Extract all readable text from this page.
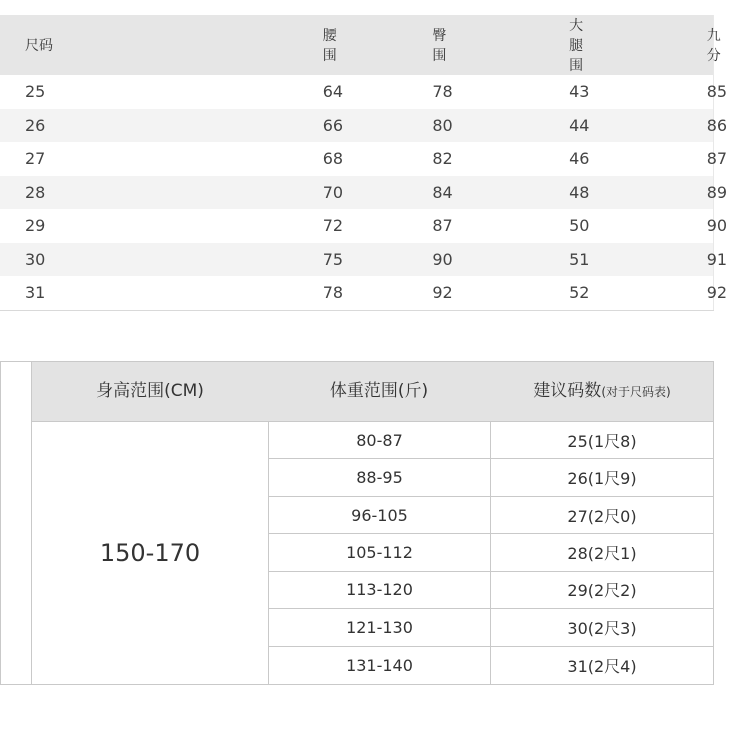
尺码	腰围	臀围	大腿围	九分
25	64	78	43	85
26	66	80	44	86
27	68	82	46	87
28	70	84	48	89
29	72	87	50	90
30	75	90	51	91
31	78	92	52	92
身高范围(CM)	体重范围(斤)	建议码数(对于尺码表)
150-170
80-87	25(1尺8)
88-95	26(1尺9)
96-105	27(2尺0)
105-112	28(2尺1)
113-120	29(2尺2)
121-130	30(2尺3)
131-140	31(2尺4)
